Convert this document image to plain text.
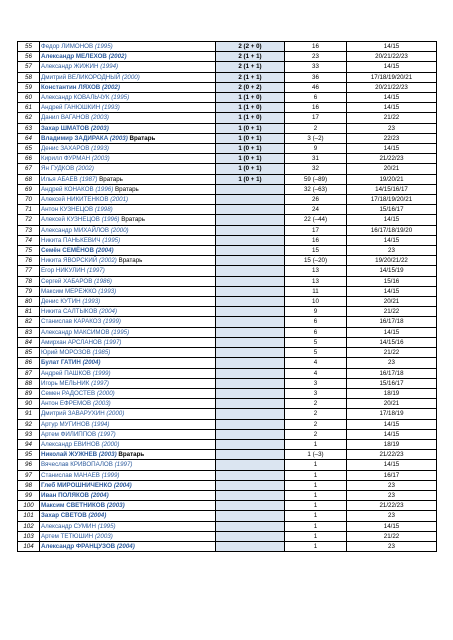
55	Федор ЛИМОНОВ (1995)	2 (2 + 0)	16	14/15
56	Александр МЕЛЕХОВ (2002)	2 (1 + 1)	23	20/21/22/23
57	Александр ЖИЖИН (1994)	2 (1 + 1)	33	14/15
58	Дмитрий ВЕЛИКОРОДНЫЙ (2000)	2 (1 + 1)	36	17/18/19/20/21
59	Константин ЛЯХОВ (2002)	2 (0 + 2)	46	20/21/22/23
60	Александр КОВАЛЬЧУК (1995)	1 (1 + 0)	6	14/15
61	Андрей ГАНЮШКИН (1993)	1 (1 + 0)	16	14/15
62	Данил ВАГАНОВ (2003)	1 (1 + 0)	17	21/22
63	Захар ШМАТОВ (2003)	1 (0 + 1)	2	23
64	Владимир ЗАДИРАКА (2003) Вратарь	1 (0 + 1)	3 (–2)	22/23
65	Денис ЗАХАРОВ (1993)	1 (0 + 1)	9	14/15
66	Кирилл ФУРМАН (2003)	1 (0 + 1)	31	21/22/23
67	Ян ГУДКОВ (2002)	1 (0 + 1)	32	20/21
68	Илья АБАЕВ (1987) Вратарь	1 (0 + 1)	59 (–89)	19/20/21
69	Андрей КОНАКОВ (1996) Вратарь		32 (–63)	14/15/16/17
70	Алексей НИКИТЕНКОВ (2001)		26	17/18/19/20/21
71	Антон КУЗНЕЦОВ (1998)		24	15/16/17
72	Алексей КУЗНЕЦОВ (1996) Вратарь		22 (–44)	14/15
73	Александр МИХАЙЛОВ (2000)		17	16/17/18/19/20
74	Никита ПАНЬКЕВИЧ (1995)		16	14/15
75	Семён СЕМЁНОВ (2004)		15	23
76	Никита ЯВОРСКИЙ (2002) Вратарь		15 (–20)	19/20/21/22
77	Егор НИКУЛИН (1997)		13	14/15/19
78	Сергей ХАБАРОВ (1986)		13	15/16
79	Максим МЕРЕЖКО (1993)		11	14/15
80	Денис КУТИН (1993)		10	20/21
81	Никита САЛТЫКОВ (2004)		9	21/22
82	Станислав КАРАКОЗ (1999)		6	16/17/18
83	Александр МАКСИМОВ (1995)		6	14/15
84	Амирхан АРСЛАНОВ (1997)		5	14/15/16
85	Юрий МОРОЗОВ (1985)		5	21/22
86	Булат ГАТИН (2004)		4	23
87	Андрей ПАШКОВ (1999)		4	16/17/18
88	Игорь МЕЛЬНИК (1997)		3	15/16/17
89	Семен РАДОСТЕВ (2000)		3	18/19
90	Антон ЕФРЕМОВ (2003)		2	20/21
91	Дмитрий ЗАВАРУХИН (2000)		2	17/18/19
92	Артур МУГИНОВ (1994)		2	14/15
93	Артем ФИЛИППОВ (1997)		2	14/15
94	Александр ЕВИНОВ (2000)		1	18/19
95	Николай ЖУЖНЕВ (2003) Вратарь		1 (–3)	21/22/23
96	Вячеслав КРИВОПАЛОВ (1997)		1	14/15
97	Станислав МАНАЕВ (1999)		1	16/17
98	Глеб МИРОШНИЧЕНКО (2004)		1	23
99	Иван ПОЛЯКОВ (2004)		1	23
100	Максим СВЕТНИКОВ (2003)		1	21/22/23
101	Захар СВЕТОВ (2004)		1	23
102	Александр СУМИН (1995)		1	14/15
103	Артем ТЕТЮШИН (2003)		1	21/22
104	Александр ФРАНЦУЗОВ (2004)		1	23
